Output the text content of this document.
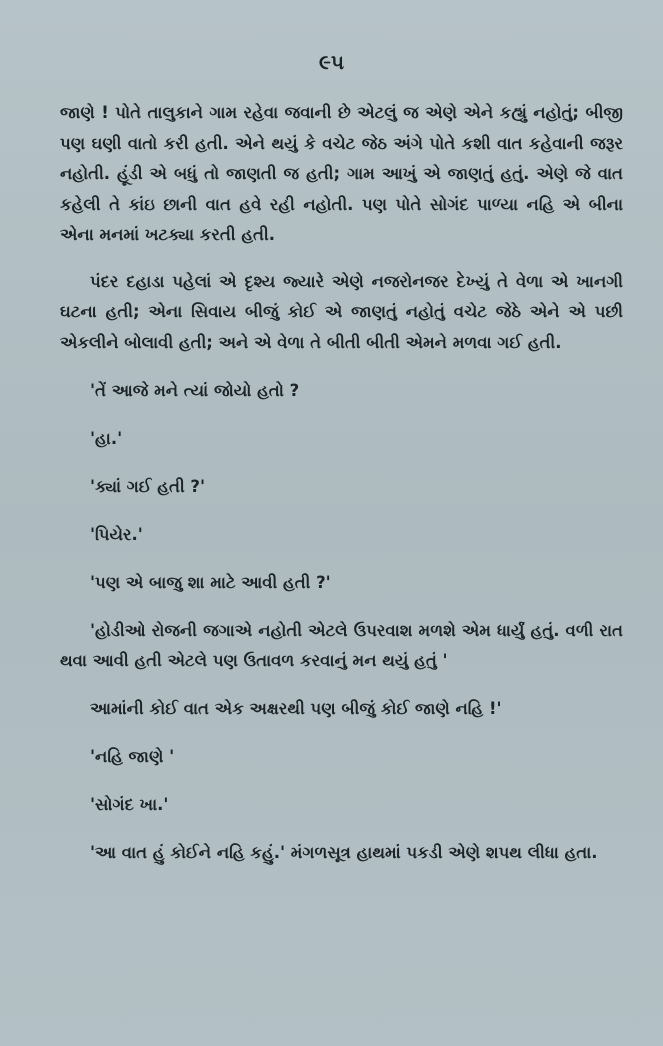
૯૫

જાણે ! પોતે તાલુકાને ગામ રહેવા જવાની છે એટલું જ એણે એને કહ્યું નહોતું; બીજી પણ ઘણી વાતો કરી હતી. એને થયું કે વચેટ જેઠ અંગે પોતે કશી વાત કહેવાની જરૂર નહોતી. હૂંડી એ બધું તો જાણતી જ હતી; ગામ આખું એ જાણતું હતું. એણે જે વાત કહેલી તે કાંઇ છાની વાત હવે રહી નહોતી. પણ પોતે સોગંદ પાળ્યા નહિ એ બીના એના મનમાં ખટક્યા કરતી હતી.

પંદર દહાડા પહેલાં એ દૃશ્ય જ્યારે એણે નજરોનજર દેખ્યું તે વેળા એ ખાનગી ઘટના હતી; એના સિવાય બીજું કોઈ એ જાણતું નહોતું વચેટ જેઠે એને એ પછી એકલીને બોલાવી હતી; અને એ વેળા તે બીતી બીતી એમને મળવા ગઈ હતી.

'તેં આજે મને ત્યાં જોયો હતો ?

'હા.'

'ક્યાં ગઈ હતી ?'

'પિયેર.'

'પણ એ બાજુ શા માટે આવી હતી ?'

'હોડીઓ રોજની જગાએ નહોતી એટલે ઉપરવાશ મળશે એમ ધાર્યું હતું. વળી રાત થવા આવી હતી એટલે પણ ઉતાવળ કરવાનું મન થયું હતું '

આમાંની કોઈ વાત એક અક્ષરથી પણ બીજું કોઈ જાણે નહિ !'

'નહિ જાણે '

'સોગંદ ખા.'

'આ વાત હું કોઈને નહિ કહું.' મંગળસૂત્ર હાથમાં પકડી એણે શપથ લીધા હતા.
